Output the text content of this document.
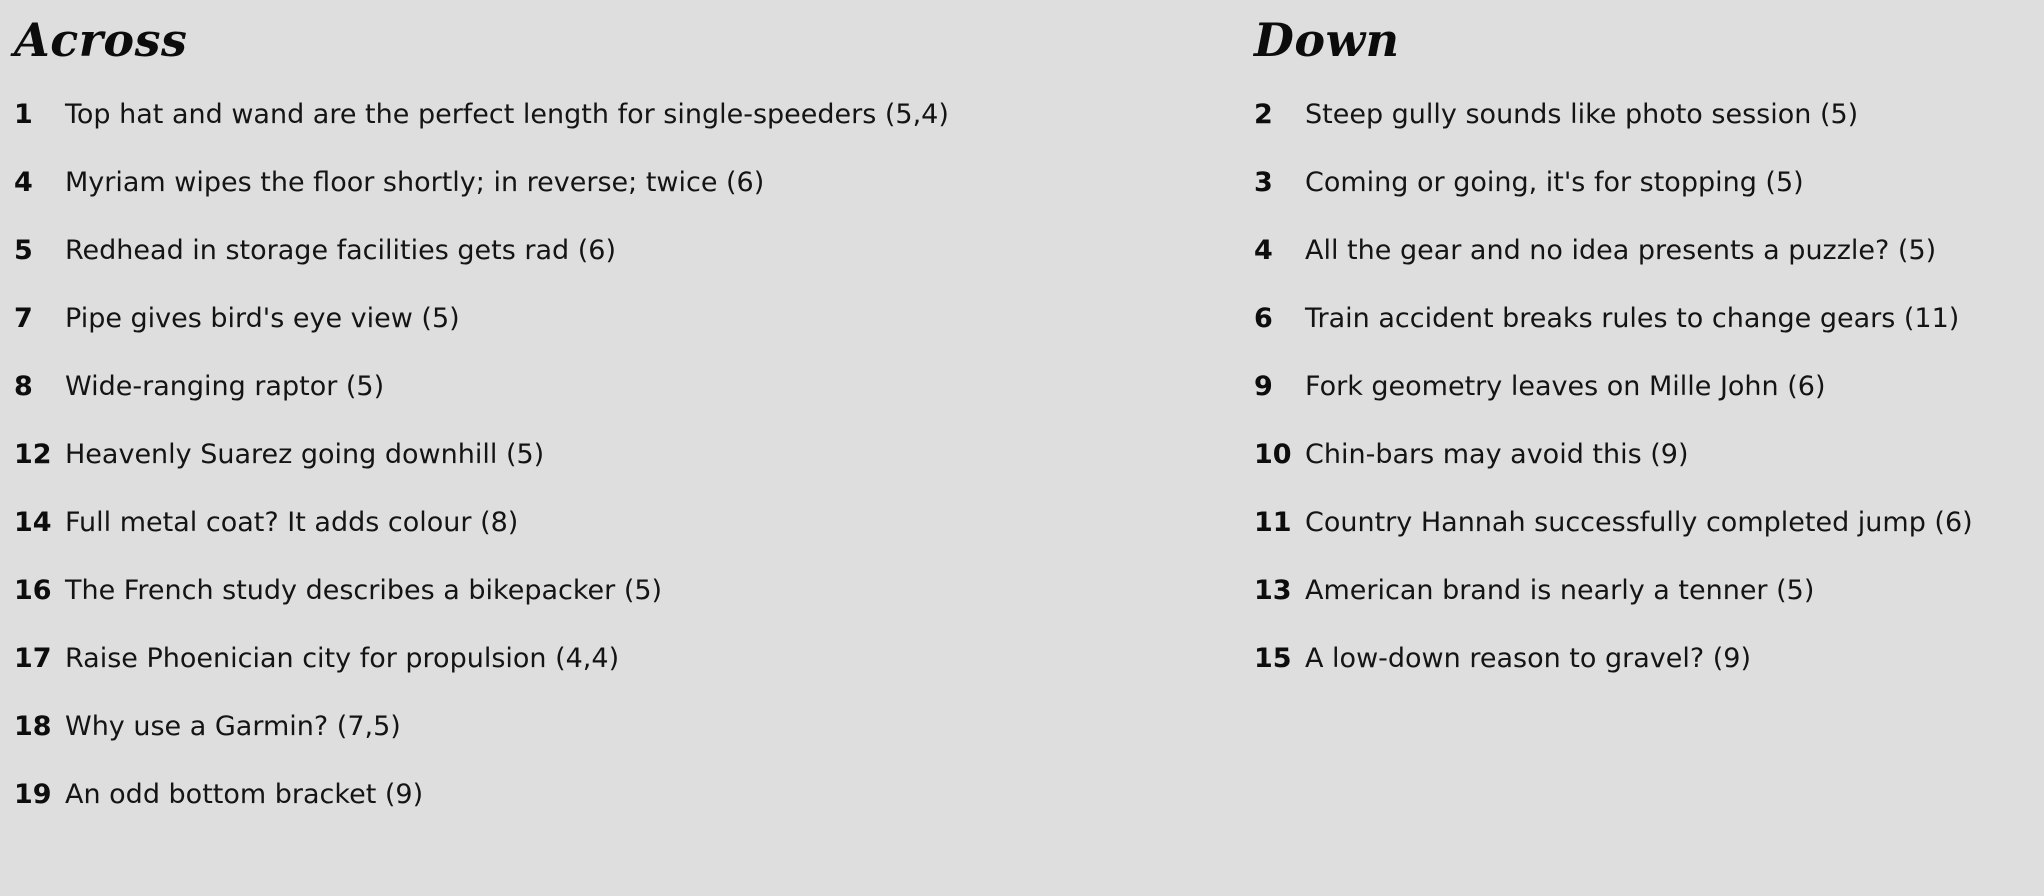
Across
1	Top hat and wand are the perfect length for single-speeders (5,4)
4	Myriam wipes the floor shortly; in reverse; twice (6)
5	Redhead in storage facilities gets rad (6)
7	Pipe gives bird's eye view (5)
8	Wide-ranging raptor (5)
12 Heavenly Suarez going downhill (5)
14 Full metal coat? It adds colour (8)
16 The French study describes a bikepacker (5)
17 Raise Phoenician city for propulsion (4,4)
18 Why use a Garmin? (7,5)
19 An odd bottom bracket (9)
Down
2	Steep gully sounds like photo session (5)
3	Coming or going, it's for stopping (5)
4	All the gear and no idea presents a puzzle? (5)
6	Train accident breaks rules to change gears (11)
9	Fork geometry leaves on Mille John (6)
10 Chin-bars may avoid this (9)
11 Country Hannah successfully completed jump (6)
13 American brand is nearly a tenner (5)
15 A low-down reason to gravel? (9)
